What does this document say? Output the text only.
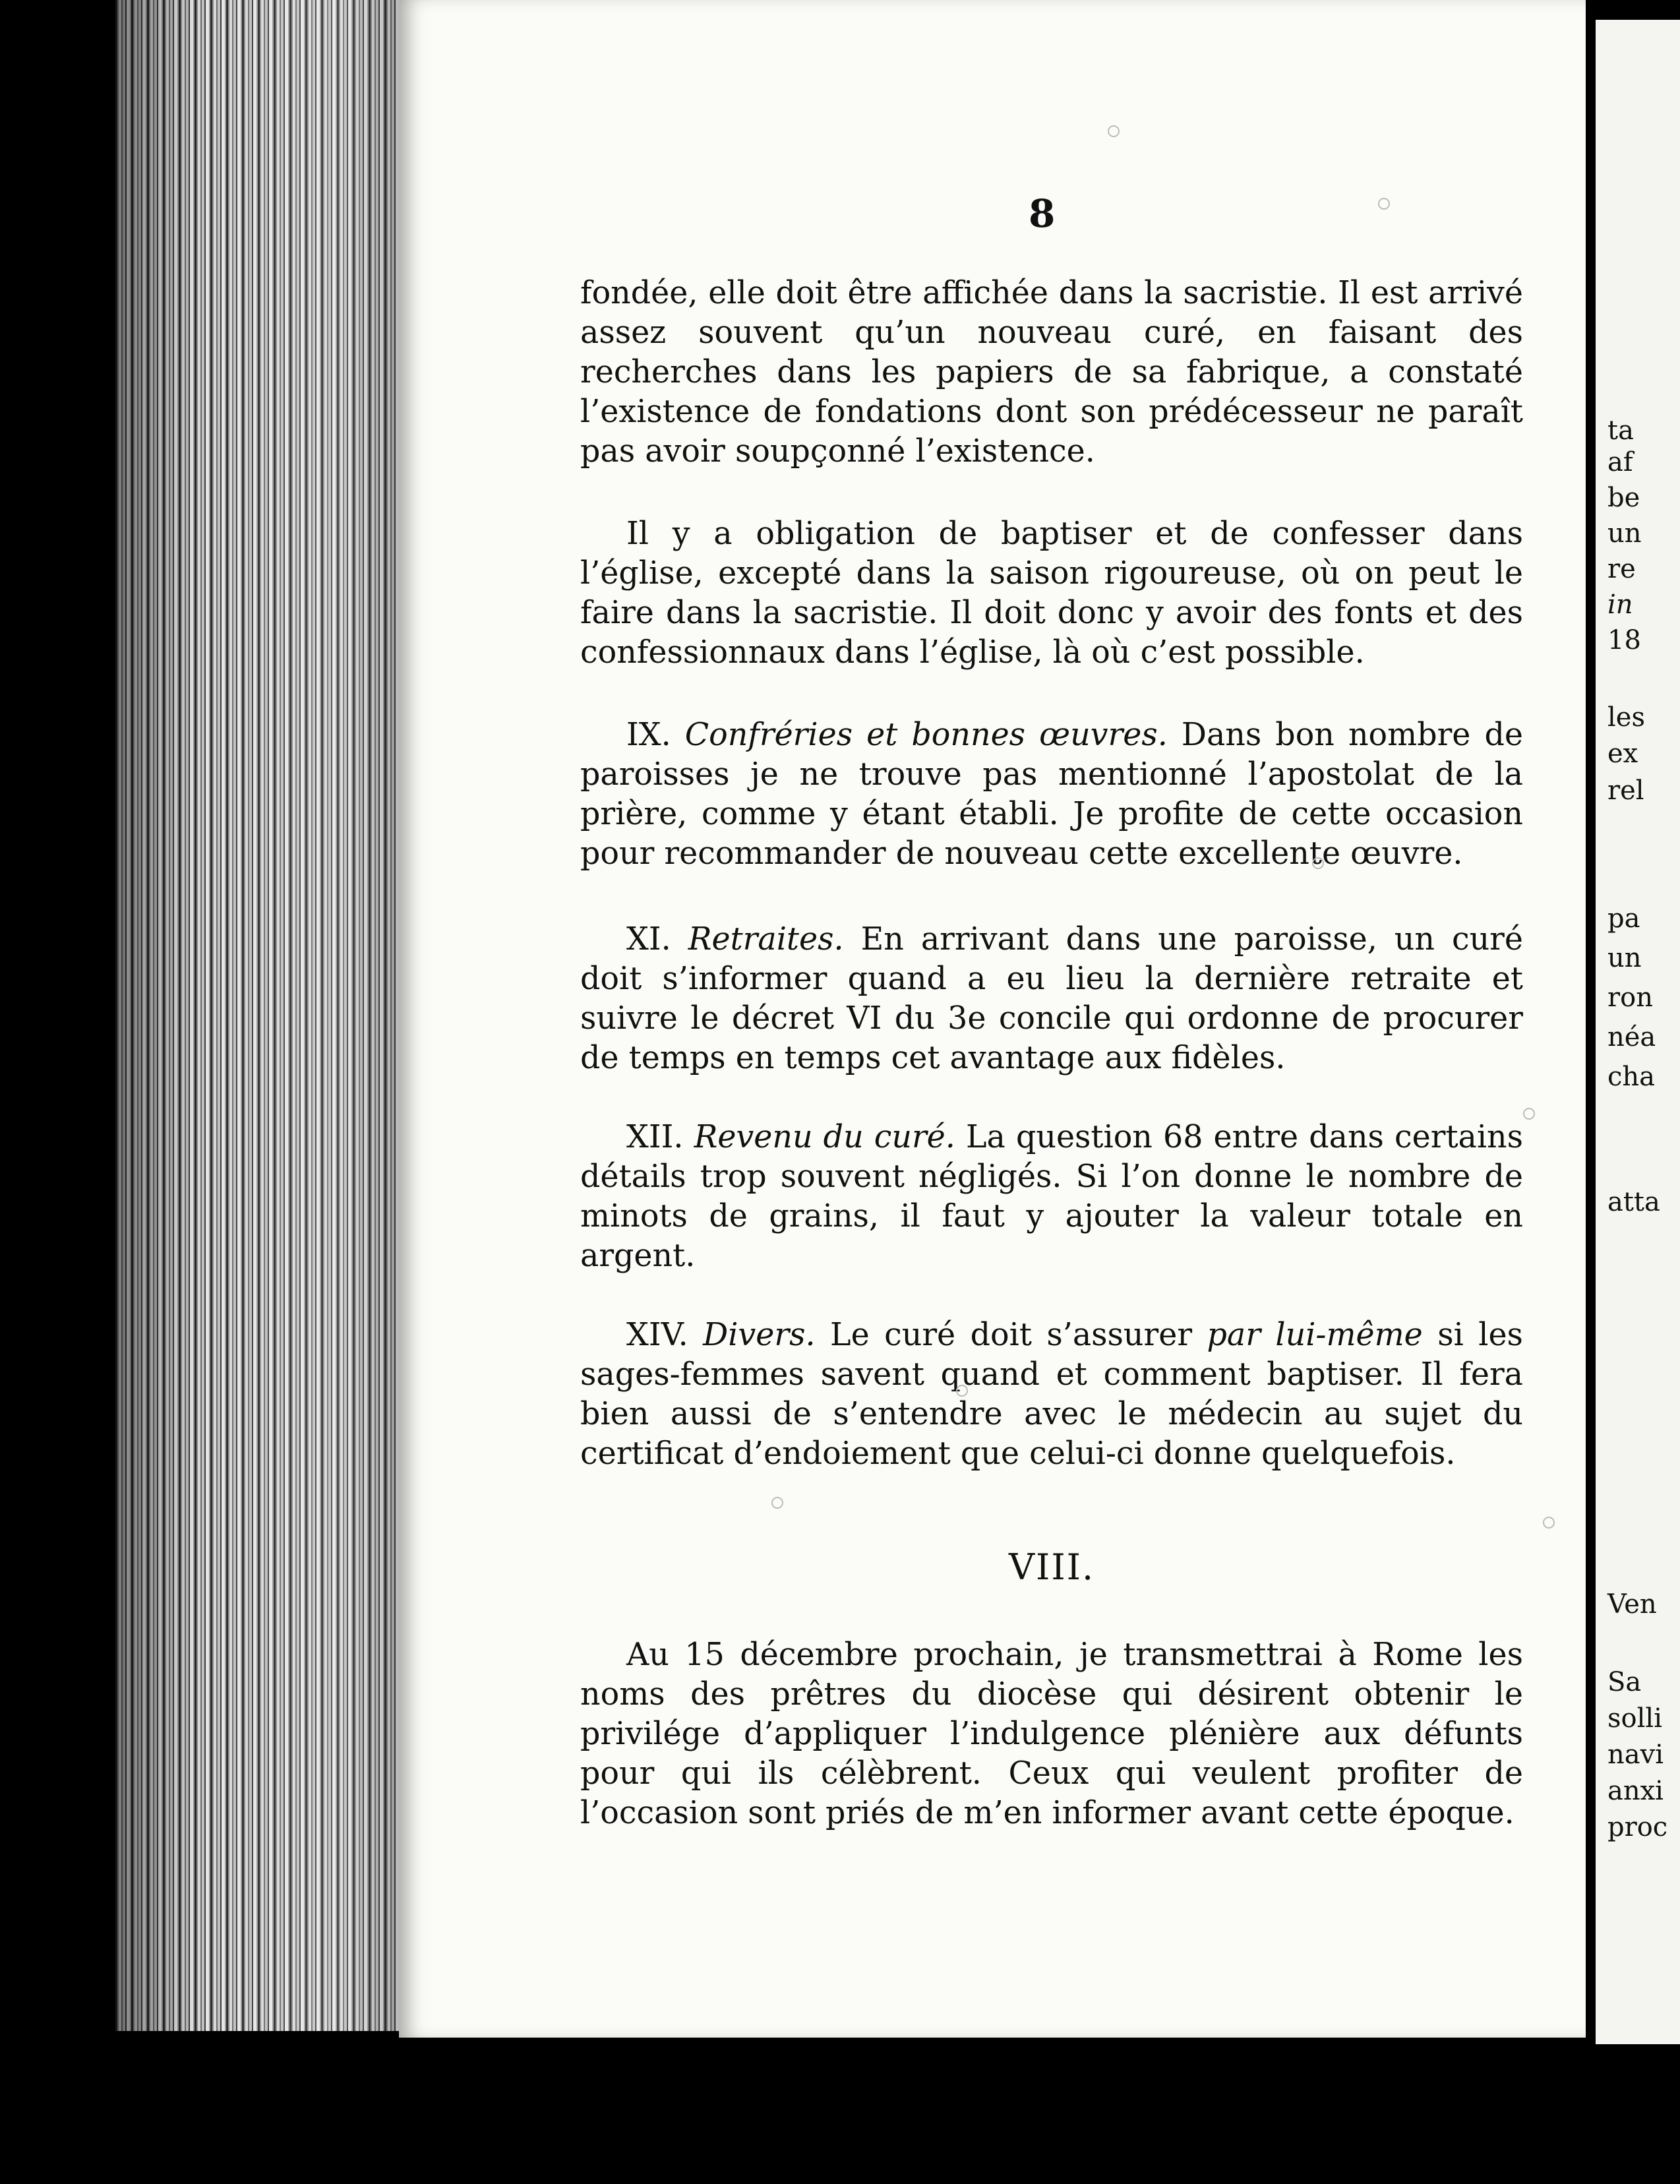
ta
af
be
un
re
in
18
les
ex
rel
pa
un
ron
néa
cha
atta
Ven
Sa
solli
navi
anxi
proc
8

fondée, elle doit être affichée dans la sacristie. Il est arrivé assez souvent qu’un nouveau curé, en faisant des recherches dans les papiers de sa fabrique, a constaté l’existence de fondations dont son prédécesseur ne paraît pas avoir soupçonné l’existence.

Il y a obligation de baptiser et de confesser dans l’église, excepté dans la saison rigoureuse, où on peut le faire dans la sacristie. Il doit donc y avoir des fonts et des confessionnaux dans l’église, là où c’est possible.

IX. Confréries et bonnes œuvres. Dans bon nombre de paroisses je ne trouve pas mentionné l’apostolat de la prière, comme y étant établi. Je profite de cette occasion pour recommander de nouveau cette excellente œuvre.

XI. Retraites. En arrivant dans une paroisse, un curé doit s’informer quand a eu lieu la dernière retraite et suivre le décret VI du 3e concile qui ordonne de procurer de temps en temps cet avantage aux fidèles.

XII. Revenu du curé. La question 68 entre dans certains détails trop souvent négligés. Si l’on donne le nombre de minots de grains, il faut y ajouter la valeur totale en argent.

XIV. Divers. Le curé doit s’assurer par lui-même si les sages-femmes savent quand et comment baptiser. Il fera bien aussi de s’entendre avec le médecin au sujet du certificat d’endoiement que celui-ci donne quelquefois.

VIII.

Au 15 décembre prochain, je transmettrai à Rome les noms des prêtres du diocèse qui désirent obtenir le privilége d’appliquer l’indulgence plénière aux défunts pour qui ils célèbrent. Ceux qui veulent profiter de l’occasion sont priés de m’en informer avant cette époque.
